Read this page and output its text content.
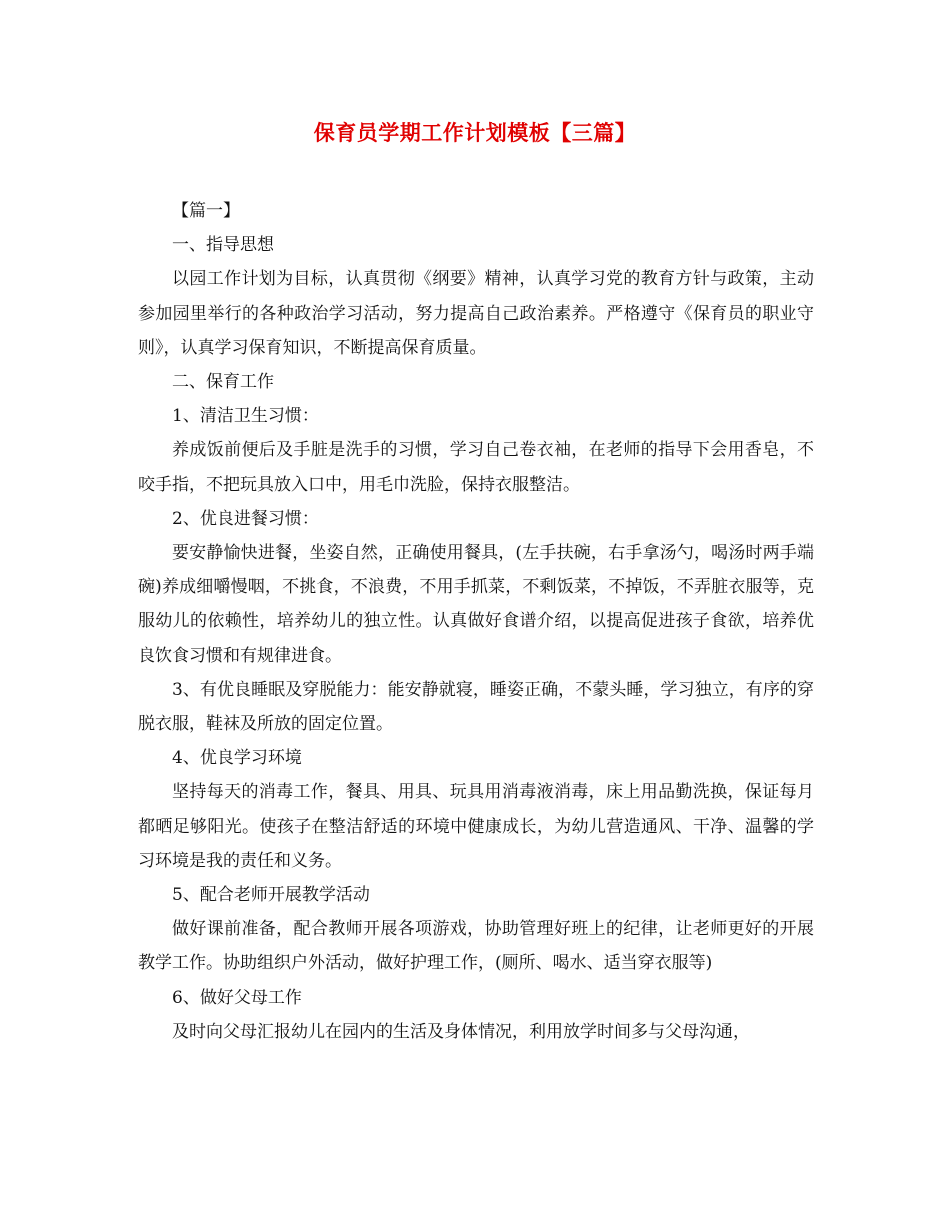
保育员学期工作计划模板【三篇】

【篇一】

一、指导思想

以园工作计划为目标，认真贯彻《纲要》精神，认真学习党的教育方针与政策，主动参加园里举行的各种政治学习活动，努力提高自己政治素养。严格遵守《保育员的职业守则》，认真学习保育知识，不断提高保育质量。

二、保育工作

1、清洁卫生习惯：

养成饭前便后及手脏是洗手的习惯，学习自己卷衣袖，在老师的指导下会用香皂，不咬手指，不把玩具放入口中，用毛巾洗脸，保持衣服整洁。

2、优良进餐习惯：

要安静愉快进餐，坐姿自然，正确使用餐具，(左手扶碗，右手拿汤勺，喝汤时两手端碗)养成细嚼慢咽，不挑食，不浪费，不用手抓菜，不剩饭菜，不掉饭，不弄脏衣服等，克服幼儿的依赖性，培养幼儿的独立性。认真做好食谱介绍，以提高促进孩子食欲，培养优良饮食习惯和有规律进食。

3、有优良睡眠及穿脱能力：能安静就寝，睡姿正确，不蒙头睡，学习独立，有序的穿脱衣服，鞋袜及所放的固定位置。

4、优良学习环境

坚持每天的消毒工作，餐具、用具、玩具用消毒液消毒，床上用品勤洗换，保证每月都晒足够阳光。使孩子在整洁舒适的环境中健康成长，为幼儿营造通风、干净、温馨的学习环境是我的责任和义务。

5、配合老师开展教学活动

做好课前准备，配合教师开展各项游戏，协助管理好班上的纪律，让老师更好的开展教学工作。协助组织户外活动，做好护理工作，(厕所、喝水、适当穿衣服等)

6、做好父母工作

及时向父母汇报幼儿在园内的生活及身体情况，利用放学时间多与父母沟通，
